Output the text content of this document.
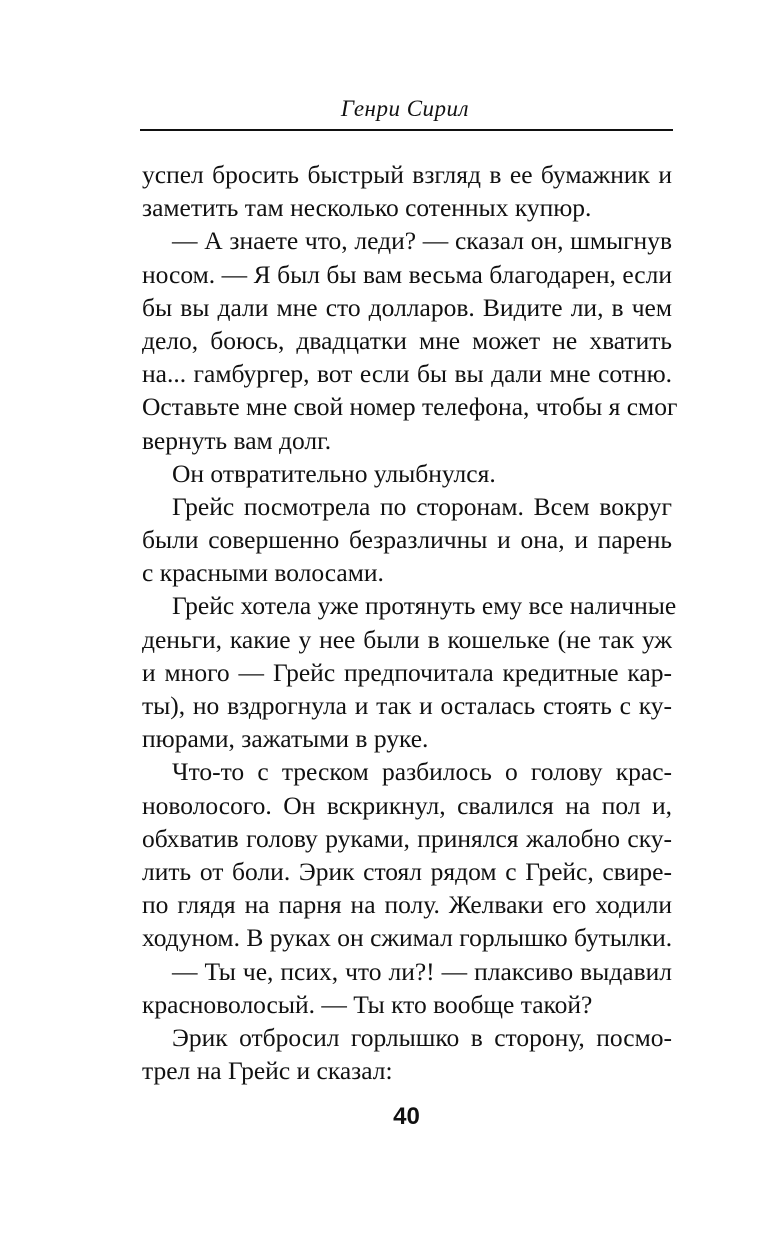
Генри Сирил
успел бросить быстрый взгляд в ее бумажник и
заметить там несколько сотенных купюр.
— А знаете что, леди? — сказал он, шмыгнув
носом. — Я был бы вам весьма благодарен, если
бы вы дали мне сто долларов. Видите ли, в чем
дело, боюсь, двадцатки мне может не хватить
на... гамбургер, вот если бы вы дали мне сотню.
Оставьте мне свой номер телефона, чтобы я смог
вернуть вам долг.
Он отвратительно улыбнулся.
Грейс посмотрела по сторонам. Всем вокруг
были совершенно безразличны и она, и парень
с красными волосами.
Грейс хотела уже протянуть ему все наличные
деньги, какие у нее были в кошельке (не так уж
и много — Грейс предпочитала кредитные кар-
ты), но вздрогнула и так и осталась стоять с ку-
пюрами, зажатыми в руке.
Что-то с треском разбилось о голову крас-
новолосого. Он вскрикнул, свалился на пол и,
обхватив голову руками, принялся жалобно ску-
лить от боли. Эрик стоял рядом с Грейс, свире-
по глядя на парня на полу. Желваки его ходили
ходуном. В руках он сжимал горлышко бутылки.
— Ты че, псих, что ли?! — плаксиво выдавил
красноволосый. — Ты кто вообще такой?
Эрик отбросил горлышко в сторону, посмо-
трел на Грейс и сказал:
40
